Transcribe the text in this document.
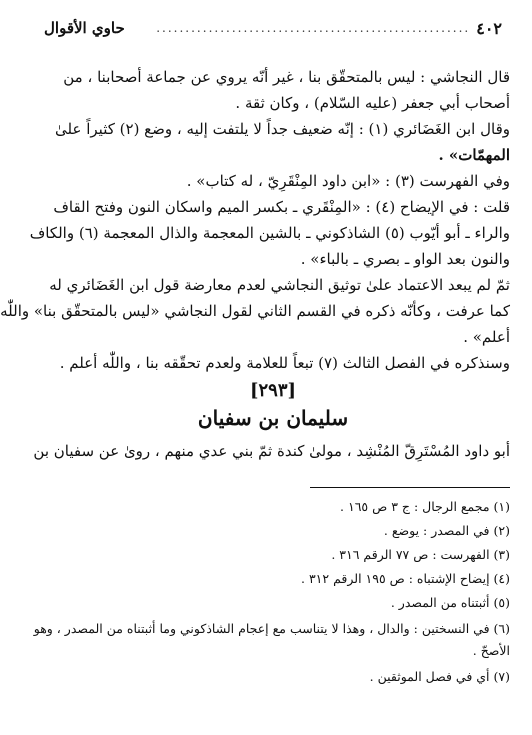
٤٠٢
......................................................
حاوي الأقوال
قال النجاشي : ليس بالمتحقّق بنا ، غير أنّه يروي عن جماعة أصحابنا ، من
أصحاب أبي جعفر (عليه السّلام) ، وكان ثقة .
وقال ابن الغَضَائري (١) : إنّه ضعيف جداً لا يلتفت إليه ، وضع (٢) كثيراً علىٰ
المهمّات» .
وفي الفهرست (٣) : «ابن داود المِنْقَرِيّ ، له كتاب» .
قلت : في الإيضاح (٤) : «المِنْقَري ـ بكسر الميم واسكان النون وفتح القاف
والراء ـ أبو أيّوب (٥) الشاذكوني ـ بالشين المعجمة والذال المعجمة (٦) والكاف
والنون بعد الواو ـ بصري ـ بالباء» .
ثمّ لم يبعد الاعتماد علىٰ توثيق النجاشي لعدم معارضة قول ابن الغَضَائري له
كما عرفت ، وكأنّه ذكره في القسم الثاني لقول النجاشي «ليس بالمتحقّق بنا» واللّٰه
أعلم» .
وسنذكره في الفصل الثالث (٧) تبعاً للعلامة ولعدم تحقّقه بنا ، واللّٰه أعلم .
[٢٩٣]
سليمان بن سفيان
أبو داود المُسْتَرِقّ المُنْشِد ، مولىٰ كندة ثمّ بني عدي منهم ، روىٰ عن سفيان بن
(١) مجمع الرجال : ج ٣ ص ١٦٥ .
(٢) في المصدر : يوضع .
(٣) الفهرست : ص ٧٧ الرقم ٣١٦ .
(٤) إيضاح الإشتباه : ص ١٩٥ الرقم ٣١٢ .
(٥) أثبتناه من المصدر .
(٦) في النسختين : والدال ، وهذا لا يتناسب مع إعجام الشاذكوني وما أثبتناه من المصدر ، وهو
الأصحّ .
(٧) أي في فصل الموثقين .
